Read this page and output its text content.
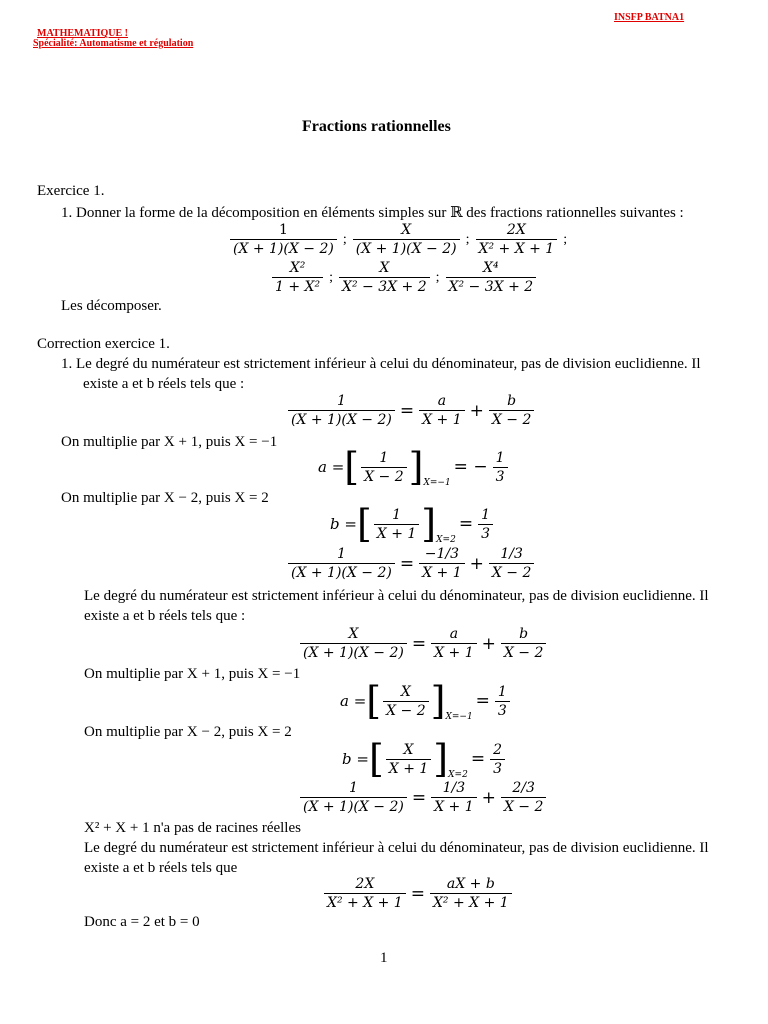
MATHEMATIQUE !
Spécialité: Automatisme et régulation
INSFP BATNA1
Fractions rationnelles
Exercice 1.
1. Donner la forme de la décomposition en éléments simples sur ℝ des fractions rationnelles suivantes :
$\frac{1}{(X + 1)(X - 2)}$ ; $\frac{X}{(X + 1)(X - 2)}$ ; $\frac{2X}{\text{X² + X + 1}}$ ;
$\frac{\text{X²}}{\text{1 + X²}}$ ; $\frac{X}{\text{X² − 3X + 2}}$ ; $\frac{\text{X⁴}}{\text{X² − 3X + 2}}$
Les décomposer.
Correction exercice 1.
1. Le degré du numérateur est strictement inférieur à celui du dénominateur, pas de division euclidienne. Il
existe a et b réels tels que :
$\frac{1}{(X + 1)(X - 2)} = \frac{a}{X + 1} + \frac{b}{X - 2}$
On multiplie par X + 1, puis X = −1
a = [ $\frac{1}{X - 2}$ ] X=−1
= − $\frac{1}{3}$
On multiplie par X − 2, puis X = 2
b = [ $\frac{1}{X + 1}$ ] X=2
= $\frac{1}{3}$
$\frac{1}{(X + 1)(X - 2)} = \frac{-1/3}{X + 1} + \frac{1/3}{X - 2}$
Le degré du numérateur est strictement inférieur à celui du dénominateur, pas de division euclidienne. Il
existe a et b réels tels que :
$\frac{X}{(X + 1)(X - 2)} = \frac{a}{X + 1} + \frac{b}{X - 2}$
On multiplie par X + 1, puis X = −1
a = [ $\frac{X}{X - 2}$ ] X=−1
= $\frac{1}{3}$
On multiplie par X − 2, puis X = 2
b = [ $\frac{X}{X + 1}$ ] X=2
= $\frac{2}{3}$
$\frac{1}{(X + 1)(X - 2)} = \frac{1/3}{X + 1} + \frac{2/3}{X - 2}$
X² + X + 1 n'a pas de racines réelles
Le degré du numérateur est strictement inférieur à celui du dénominateur, pas de division euclidienne. Il
existe a et b réels tels que
$\frac{2X}{\text{X² + X + 1}} = \frac{aX + b}{\text{X² + X + 1}}$
Donc a = 2 et b = 0
1
